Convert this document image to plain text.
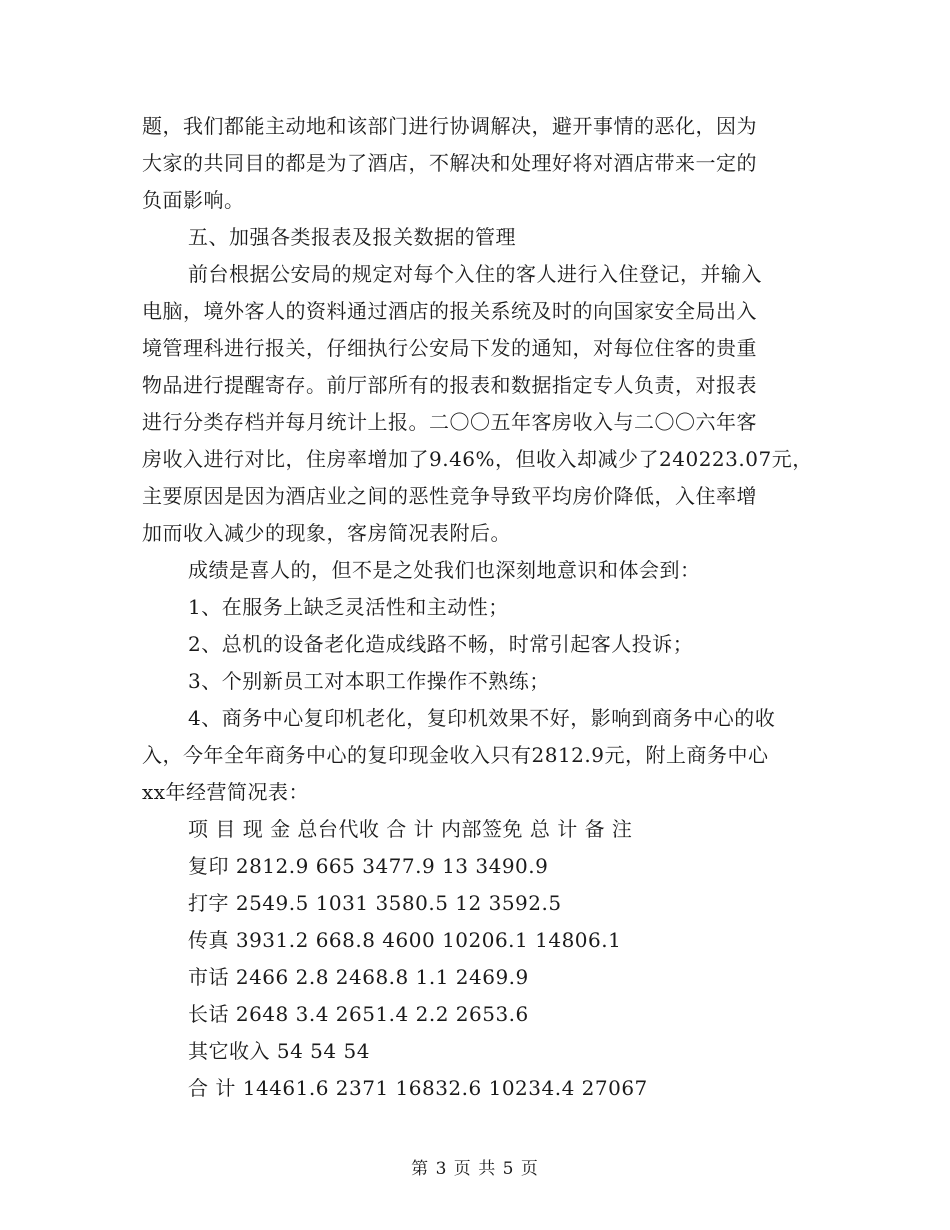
题，我们都能主动地和该部门进行协调解决，避开事情的恶化，因为
大家的共同目的都是为了酒店，不解决和处理好将对酒店带来一定的
负面影响。
五、加强各类报表及报关数据的管理
前台根据公安局的规定对每个入住的客人进行入住登记，并输入
电脑，境外客人的资料通过酒店的报关系统及时的向国家安全局出入
境管理科进行报关，仔细执行公安局下发的通知，对每位住客的贵重
物品进行提醒寄存。前厅部所有的报表和数据指定专人负责，对报表
进行分类存档并每月统计上报。二〇〇五年客房收入与二〇〇六年客
房收入进行对比，住房率增加了9.46%，但收入却减少了240223.07元，
主要原因是因为酒店业之间的恶性竞争导致平均房价降低，入住率增
加而收入减少的现象，客房简况表附后。
成绩是喜人的，但不是之处我们也深刻地意识和体会到：
1、在服务上缺乏灵活性和主动性；
2、总机的设备老化造成线路不畅，时常引起客人投诉；
3、个别新员工对本职工作操作不熟练；
4、商务中心复印机老化，复印机效果不好，影响到商务中心的收
入，今年全年商务中心的复印现金收入只有2812.9元，附上商务中心
xx年经营简况表：
项 目 现 金 总台代收 合 计 内部签免 总 计 备 注
复印 2812.9 665 3477.9 13 3490.9
打字 2549.5 1031 3580.5 12 3592.5
传真 3931.2 668.8 4600 10206.1 14806.1
市话 2466 2.8 2468.8 1.1 2469.9
长话 2648 3.4 2651.4 2.2 2653.6
其它收入 54 54 54
合 计 14461.6 2371 16832.6 10234.4 27067
第 3 页 共 5 页
